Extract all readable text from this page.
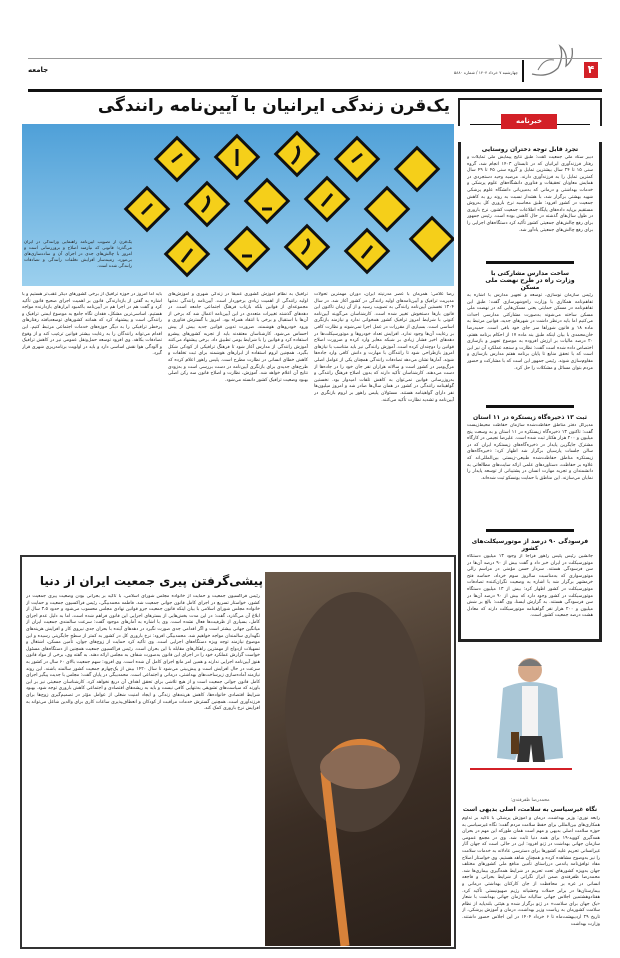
۴
چهارشنبه ۷ خرداد ۱۴۰۴ / شماره ۵۸۸۰
جامعه
یک‌قرن زندگی ایرانیان با آیین‌نامه رانندگی
یک‌قرن از تصویب آیین‌نامه راهنمایی ورانندگی در ایران می‌گذرد؛ قانونی که نیازمند اصلاح و بروزرسانی است و امروز با چالش‌های جدی در اجرای آن و ساده‌سازی‌های بی‌مورد، زمینه‌ساز افزایش تخلفات رانندگی و تصادفات رانندگی شده است.
رضا غلامی: همزمان با عصر مدرنیته ایران، دوران مهمترین تحولات مدیریت ترافیک و آیین‌نامه‌های اولیه رانندگی در کشور آغاز شد. در سال ۱۳۰۴ نخستین آیین‌نامه رانندگی به تصویب رسید و از آن زمان تاکنون این قانون بارها دستخوش تغییر شده است. کارشناسان می‌گویند آیین‌نامه کنونی با شرایط امروز ترافیک کشور همخوانی ندارد و نیازمند بازنگری اساسی است. بسیاری از مقررات در عمل اجرا نمی‌شوند و نظارت کافی بر رعایت آن‌ها وجود ندارد. افزایش تعداد خودروها و موتورسیکلت‌ها در دهه‌های اخیر فشار زیادی بر شبکه معابر وارد کرده و ضرورت اصلاح قوانین را دوچندان کرده است. آموزش رانندگی نیز باید متناسب با نیازهای امروز بازطراحی شود تا رانندگان با مهارت و دانش کافی وارد جاده‌ها شوند. آمارها نشان می‌دهد تصادفات رانندگی همچنان یکی از عوامل اصلی مرگ‌ومیر در کشور است و سالانه هزاران نفر جان خود را در جاده‌ها از دست می‌دهند. کارشناسان تأکید دارند که بدون اصلاح فرهنگ رانندگی و به‌روزرسانی قوانین نمی‌توان به کاهش تلفات امیدوار بود. نخستین گواهینامه رانندگی در کشور در همان سال‌ها صادر شد و امروز میلیون‌ها نفر دارای گواهینامه هستند. مسئولان پلیس راهور بر لزوم بازنگری در آیین‌نامه و تشدید نظارت تأکید می‌کنند.
ترافیک به نظام آموزش کشوری عمیقاً در زندگی شهری و آموزش‌های اولیه رانندگی از اهمیت زیادی برخوردار است. آیین‌نامه رانندگی نه‌تنها مجموعه‌ای از قوانین بلکه بازتاب فرهنگ اجتماعی جامعه است. در دهه‌های گذشته تغییرات متعددی در این آیین‌نامه اعمال شد که برخی از آن‌ها با استقبال و برخی با انتقاد همراه بود. امروز با گسترش فناوری و ورود خودروهای هوشمند، ضرورت تدوین قوانین جدید بیش از پیش احساس می‌شود. کارشناسان معتقدند باید از تجربه کشورهای پیشرو استفاده کرد و قوانین را با شرایط بومی تطبیق داد. برخی پیشنهاد می‌کنند آموزش رانندگی از مدارس آغاز شود تا فرهنگ ترافیکی از کودکی شکل بگیرد. همچنین لزوم استفاده از ابزارهای هوشمند برای ثبت تخلفات و کاهش خطای انسانی در نظارت مطرح است. پلیس راهور اعلام کرده که طرح‌های جدیدی برای بازنگری آیین‌نامه در دست بررسی است و به‌زودی نتایج آن اعلام خواهد شد. آموزش، نظارت و اصلاح قانون سه رکن اصلی بهبود وضعیت ترافیک کشور دانسته می‌شود.
باید اما امروز در حوزه ترافیک از برخی کشورهای دیگر عقب‌تر هستیم و با اشاره به گفتن از بازدارندگی قانون بر اهمیت اجرای صحیح قانون تأکید کرد و گفت هم در اجرا هم در آیین‌نامه باکمبود ابزارهای بازدارنده مواجه هستیم. اساسی‌ترین مشکل، فقدان نگاه جامع به موضوع ایمنی ترافیک و رانندگی است و پیشنهاد کرد که همانند کشورهای توسعه‌یافته رفتارهای پرخطر ترافیکی را به دیگر حوزه‌های خدمات اجتماعی مرتبط کنیم. این اقدام می‌تواند رانندگان را به رعایت بیشتر قوانین ترغیب کند و از وقوع تصادفات بکاهد. وی افزود توسعه حمل‌ونقل عمومی نیز در کاهش ترافیک و آلودگی هوا نقش اساسی دارد و باید در اولویت برنامه‌ریزی شهری قرار گیرد.
پیشی‌گرفتن پیری جمعیت ایران از دنیا
رئیس فراکسیون جمعیت و حمایت از خانواده مجلس شورای اسلامی، با تأکید بر بحرانی بودن وضعیت پیری جمعیت در کشور، خواستار تسریع در اجرای کامل قانون جوانی جمعیت شد. فاطمه محمدبیگی، رئیس فراکسیون جمعیت و حمایت از خانواده مجلس شورای اسلامی با بیان اینکه قانون جمعیت جزو قوانین نهادی مجلس محسوب می‌شود و حدود ۳.۵ سال از ابلاغ آن می‌گذرد، گفت: در این مدت بخش‌هایی از بسترهای اجرایی این قانون فراهم شده است، اما به دلیل عدم اجرای کامل، بسیاری از ظرفیت‌ها فعال نشده است. وی با اشاره به آمارهای موجود گفت: سرعت سالمندی جمعیت ایران از میانگین جهانی بیشتر است و اگر اقدامی جدی صورت نگیرد در دهه‌های آینده با بحران جدی نیروی کار و افزایش هزینه‌های نگهداری سالمندان مواجه خواهیم شد. محمدبیگی افزود: نرخ باروری کل در کشور به کمتر از سطح جایگزینی رسیده و این موضوع نیازمند توجه ویژه دستگاه‌های اجرایی است. وی تأکید کرد حمایت از زوج‌های جوان، تأمین مسکن، اشتغال و تسهیلات ازدواج از مهمترین راهکارهای مقابله با این بحران است. رئیس فراکسیون جمعیت همچنین از دستگاه‌های مسئول خواست گزارش عملکرد خود را در اجرای این قانون به‌صورت شفاف به مجلس ارائه دهند. به گفته وی، برخی از مواد قانون هنوز آیین‌نامه اجرایی ندارند و همین امر مانع اجرای کامل آن شده است. وی افزود: سهم جمعیت بالای ۶۰ سال در کشور به سرعت در حال افزایش است و پیش‌بینی می‌شود تا سال ۱۴۲۰ بیش از یک‌چهارم جمعیت کشور سالمند باشند. این روند نیازمند آماده‌سازی زیرساخت‌های بهداشتی، درمانی و اجتماعی است. محمدبیگی در پایان گفت: مجلس با جدیت پیگیر اجرای کامل قانون جوانی جمعیت است و از هیچ تلاشی برای تحقق اهداف آن دریغ نخواهد کرد. کارشناسان جمعیتی نیز بر این باورند که سیاست‌های تشویقی به‌تنهایی کافی نیست و باید به ریشه‌های اقتصادی و اجتماعی کاهش باروری توجه شود. بهبود شرایط اقتصادی خانواده‌ها، کاهش هزینه‌های زندگی و ایجاد امنیت شغلی از عوامل مؤثر در تصمیم‌گیری زوج‌ها برای فرزندآوری است. همچنین گسترش خدمات مراقبت از کودکان و انعطاف‌پذیری ساعات کاری برای والدین شاغل می‌تواند به افزایش نرخ باروری کمک کند.
خبرنامه
تجرد قابل توجه دختران روستایی
دبیر ستاد ملی جمعیت گفت: طبق نتایج پیمایش ملی تمایلات و رفتار فرزندآوری ایرانیان که در تابستان ۱۴۰۳ انجام شد، گروه سنی ۱۵ تا ۲۴ سال بیشترین تمایل و گروه سنی ۴۵ تا ۴۹ سال کمترین تمایل را به فرزندآوری دارند. مرضیه وحید دستجردی در همایش معاونان تحقیقات و فناوری دانشگاه‌های علوم پزشکی و خدمات بهداشتی و درمانی که به‌میزبانی دانشگاه علوم پزشکی شهید بهشتی برگزار شد، با هشدار نسبت به روند رو به کاهش جمعیت در کشور افزود: طبق محاسبه نرخ باروری کل به‌روش مستقیم برپایه داده‌های پایگاه اطلاعات جمعیت کشور، نرخ باروری در طول سال‌های گذشته در حال کاهش بوده است. رئیس جمهور برای رفع چالش‌های جمعیتی کشور تأکید کرد دستگاه‌های اجرایی را برای رفع چالش‌های جمعیتی یادآور شد.
ساخت مدارس مشارکتی با وزارت راه در طرح نهضت ملی مسکن
رئیس سازمان نوسازی، توسعه و تجهیز مدارس با اشاره به تفاهم‌نامه همکاری با وزارت راه‌وشهرسازی گفت: طبق این تفاهم‌نامه در مسکن حمایتی یعنی مسکن‌هایی که در نهضت ملی مسکن ساخته می‌شوند به‌صورت مشارکتی مدارسی احداث می‌کنیم اما باید درنظر داشت در شهرهای جدید، قوانین مرتبط به ماده ۱۸ و قانون شوراها سر جای خود باقی است. حمیدرضا خان‌محمدی با بیان اینکه طبق بند ماده ۱۷ از احکام برنامه هفتم، ۲۰ درصد مالیات بر ارزش افزوده به موضوع تجهیز و بازسازی اختصاص داده شده است گفت: نظارت و سنجه عملکرد آن نیز این است که با تحقق منابع تا پایان برنامه هفتم مدارس بازسازی و مقاوم‌سازی شوند. رئیس جمهور این است که با مشارکت و حضور مردم بتوان مسائل و مشکلات را حل کرد.
ثبت ۱۳ ذخیره‌گاه زیستکره در ۱۱ استان
مدیرکل دفتر مناطق حفاظت‌شده سازمان حفاظت محیط‌زیست گفت: تاکنون ۱۳ ذخیره‌گاه زیستکره در ۱۱ استان و به وسعت پنج میلیون و ۲۰۰ هزار هکتار ثبت شده است. علیرضا نجیمی در کارگاه مشترک جایگزین پایدار در ذخیره‌گاه‌های زیستکره ایران که در سالن جلسات پارسیان برگزار شد اظهار کرد: ذخیره‌گاه‌های زیستکره مناطق حفاظت‌شده طبیعی-زیستی بین‌المللی‌اند که علاوه بر حفاظت، دستاوردهای علمی ارائه سایت‌های مطالعاتی به دانشمندان و تجربه مهارت انسان در پشتیبانی از توسعه پایدار را نمایان می‌سازند. این مناطق با حمایت یونسکو ثبت شده‌اند.
فرسودگی ۹۰ درصد از موتورسیکلت‌های کشور
جانشین رئیس پلیس راهور فراجا از وجود ۱۳ میلیون دستگاه موتورسیکلت در ایران خبر داد و گفت بیش از ۹۰ درصد آن‌ها در سن فرسودگی هستند. سردار حسن مؤمنی در مراسم رالی موتورسواری که به‌مناسبت سالروز سوم خرداد، حماسه فتح خرمشهر برگزار شد با اشاره به وضعیت نگران‌کننده تصادفات موتورسیکلت در کشور اظهار کرد: بیش از ۱۳ میلیون دستگاه موتورسیکلت در کشور وجود دارد که بیش از ۹۰ درصد آن‌ها در سن فرسودگی هستند. به گزارش ایسنا، وی گفت: بالغ بر شش میلیون و ۲۰۰ هزار نفر گواهینامه موتورسیکلت دارند که معادل هشت درصد جمعیت کشور است.
محمدرضا ظفرقندی:
نگاه غیرسیاسی به سلامت، اصلی بدیهی است
رابعه نوری: وزیر بهداشت، درمان و آموزش پزشکی با تأکید بر تداوم همکاری‌های بین‌المللی برای حفظ سلامت مردم گفت: نگاه غیرسیاسی به حوزه سلامت اصلی بدیهی و مهم است همان طورکه این مهم در بحران همه‌گیری کووید-۱۹ برای همه دنیا ثابت شد. وی در مجمع عمومی سازمان جهانی بهداشت در ژنو افزود: این در حالی است که جهان آثار غیرانسانی تحریم علیه کشورها برای دسترسی عادلانه به خدمات سلامت را نیز به‌وضوح مشاهده کرده و همچنان شاهد هستیم. وی خواستار اصلاح مفاد توافق‌نامه پاندمی درراستای تأمین منافع ملی کشورهای مختلف جهان به‌ویژه کشورهای تحت تحریم در شرایط همه‌گیری بیماری‌ها شد. محمدرضا ظفرقندی ضمن ابراز نگرانی از شرایط بحرانی و فاجعه انسانی در غزه بر محافظت از جان کارکنان بهداشتی درمانی و بیمارستان‌ها در برابر حملات وحشیانه رژیم صهیونیستی تأکید کرد. هفتادوهشتمین اجلاس جهانی سالیانه سازمان جهانی بهداشت با شعار «یک جهان برای سلامت» در ژنو برگزار شده و هیئتی بلندپایه از نظام سلامت کشورمان به ریاست وزیر بهداشت، درمان و آموزش پزشکی، از تاریخ ۲۹ اردیبهشت‌ماه تا ۶ خرداد ۱۴۰۴ در این اجلاس حضور داشتند. وزارت بهداشت
